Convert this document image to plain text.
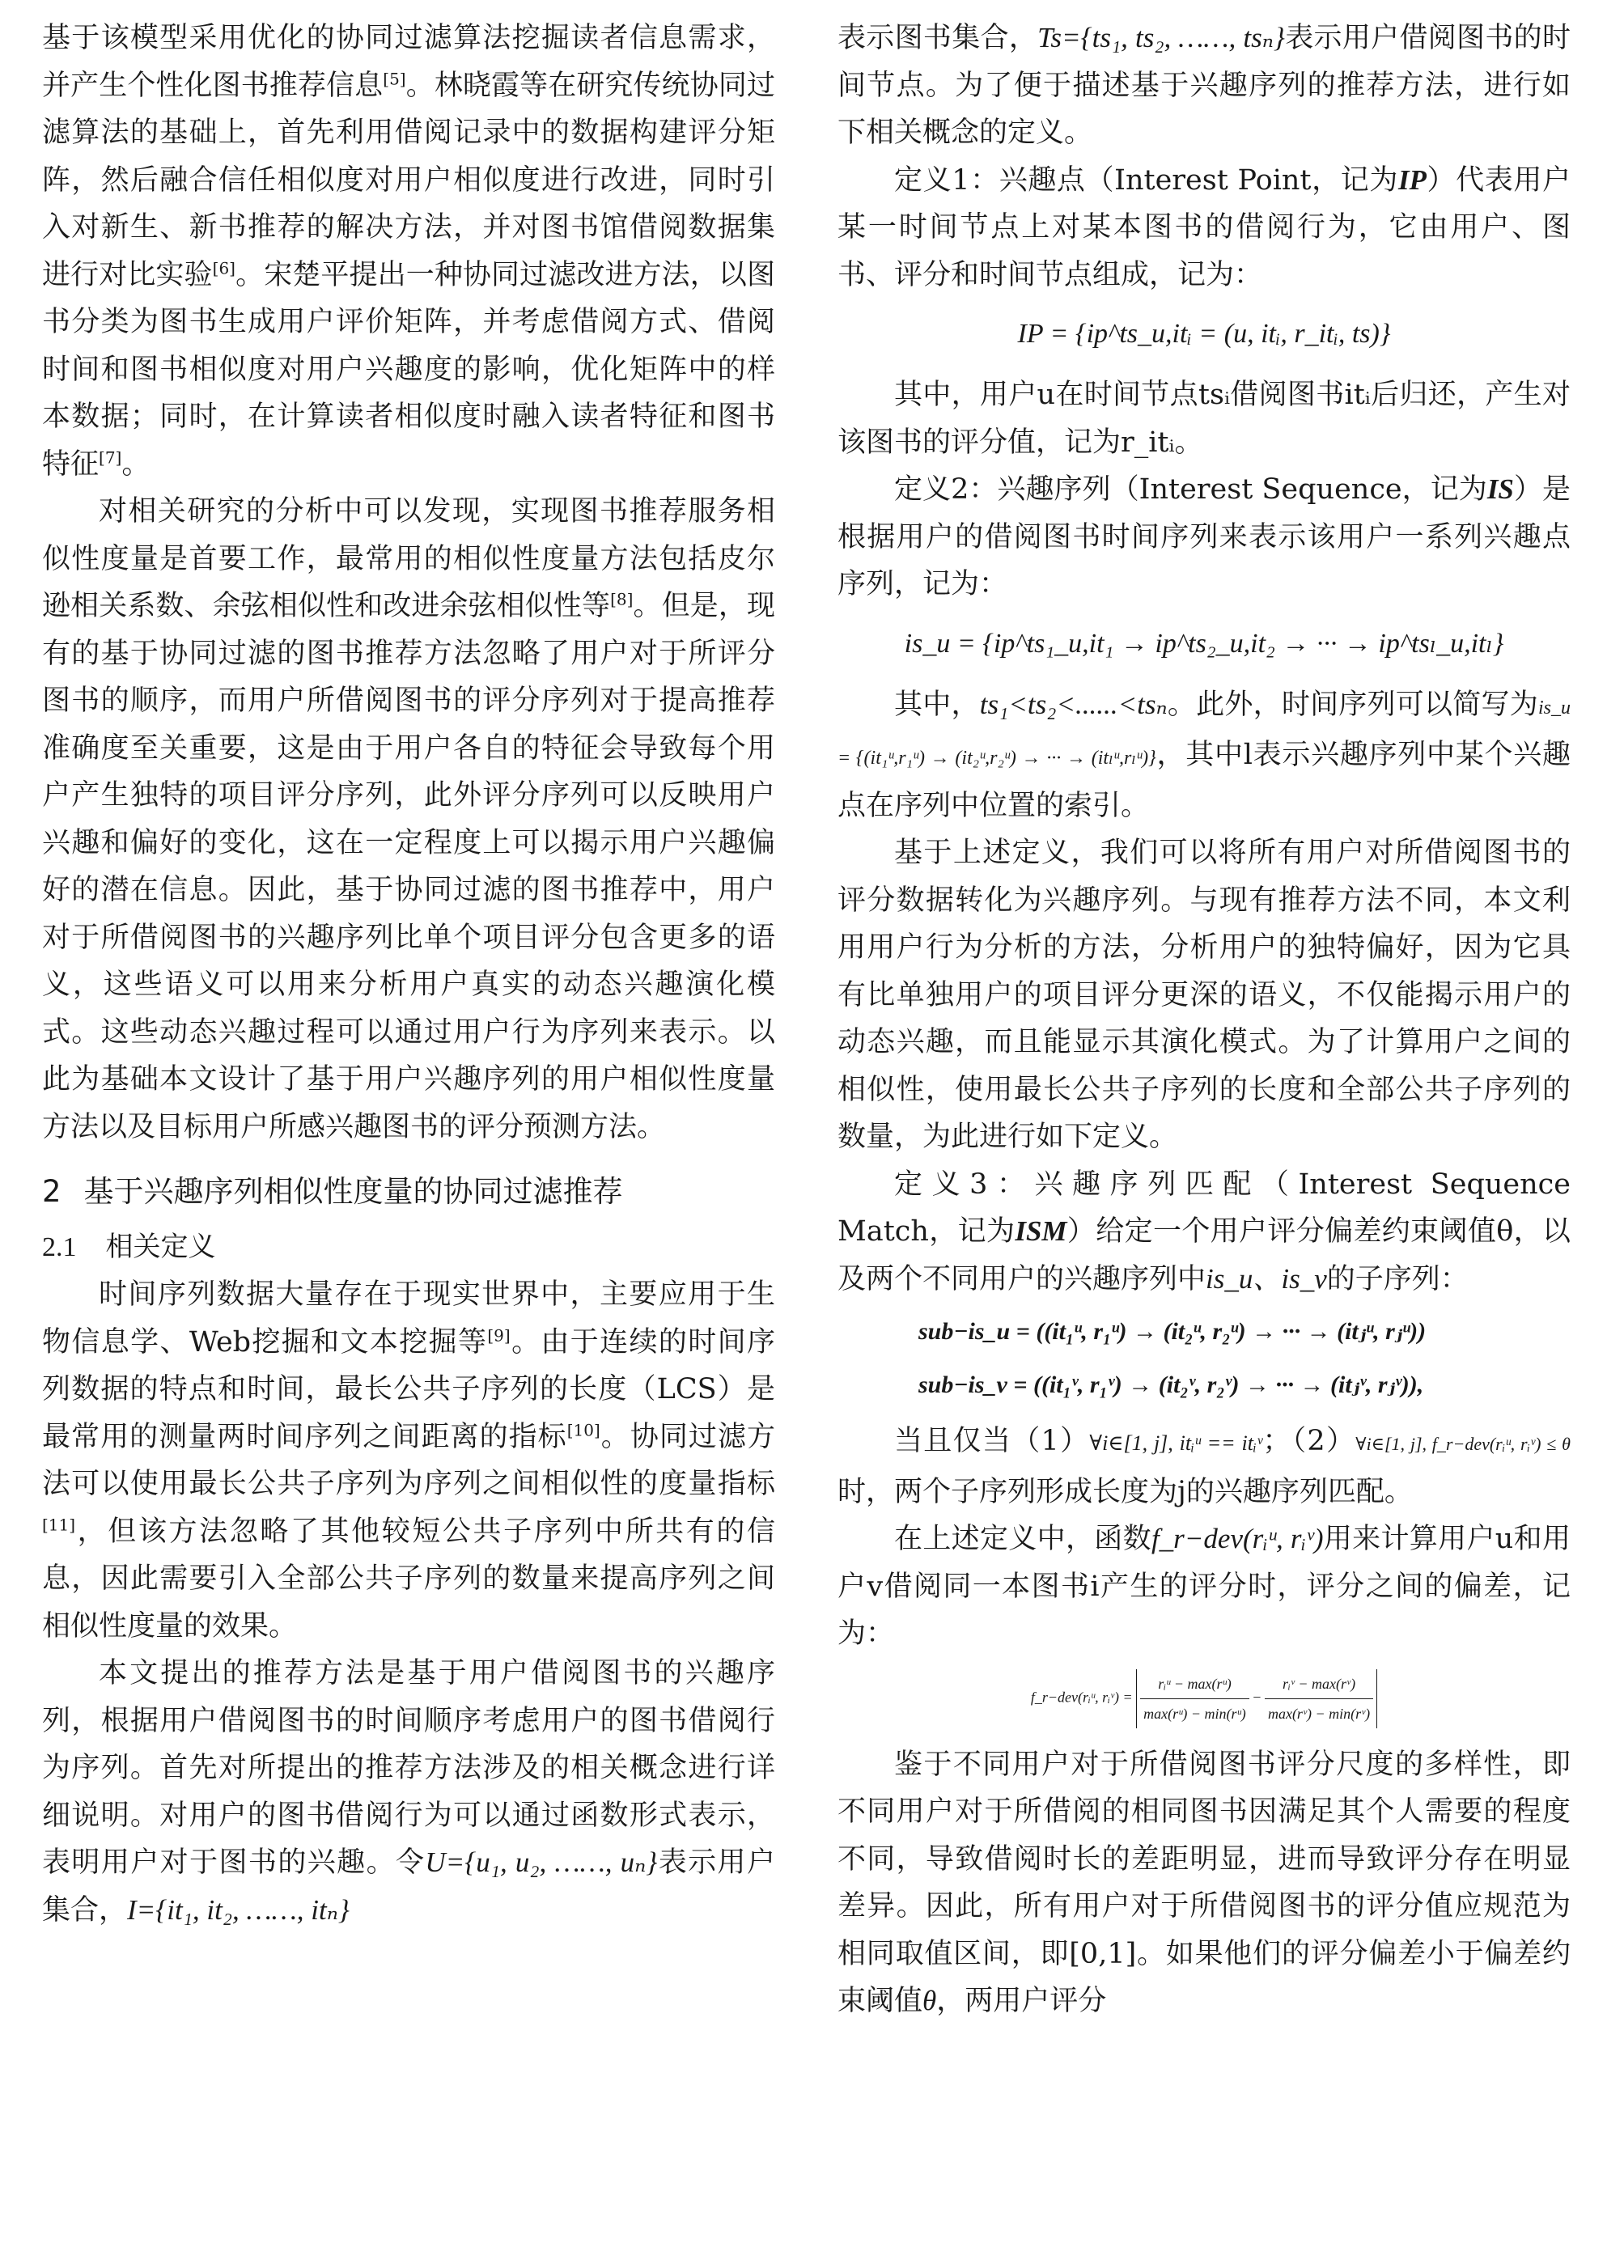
基于该模型采用优化的协同过滤算法挖掘读者信息需求，并产生个性化图书推荐信息[5]。林晓霞等在研究传统协同过滤算法的基础上，首先利用借阅记录中的数据构建评分矩阵，然后融合信任相似度对用户相似度进行改进，同时引入对新生、新书推荐的解决方法，并对图书馆借阅数据集进行对比实验[6]。宋楚平提出一种协同过滤改进方法，以图书分类为图书生成用户评价矩阵，并考虑借阅方式、借阅时间和图书相似度对用户兴趣度的影响，优化矩阵中的样本数据；同时，在计算读者相似度时融入读者特征和图书特征[7]。

对相关研究的分析中可以发现，实现图书推荐服务相似性度量是首要工作，最常用的相似性度量方法包括皮尔逊相关系数、余弦相似性和改进余弦相似性等[8]。但是，现有的基于协同过滤的图书推荐方法忽略了用户对于所评分图书的顺序，而用户所借阅图书的评分序列对于提高推荐准确度至关重要，这是由于用户各自的特征会导致每个用户产生独特的项目评分序列，此外评分序列可以反映用户兴趣和偏好的变化，这在一定程度上可以揭示用户兴趣偏好的潜在信息。因此，基于协同过滤的图书推荐中，用户对于所借阅图书的兴趣序列比单个项目评分包含更多的语义，这些语义可以用来分析用户真实的动态兴趣演化模式。这些动态兴趣过程可以通过用户行为序列来表示。以此为基础本文设计了基于用户兴趣序列的用户相似性度量方法以及目标用户所感兴趣图书的评分预测方法。

2 基于兴趣序列相似性度量的协同过滤推荐
2.1 相关定义

时间序列数据大量存在于现实世界中，主要应用于生物信息学、Web挖掘和文本挖掘等[9]。由于连续的时间序列数据的特点和时间，最长公共子序列的长度（LCS）是最常用的测量两时间序列之间距离的指标[10]。协同过滤方法可以使用最长公共子序列为序列之间相似性的度量指标[11]，但该方法忽略了其他较短公共子序列中所共有的信息，因此需要引入全部公共子序列的数量来提高序列之间相似性度量的效果。

本文提出的推荐方法是基于用户借阅图书的兴趣序列，根据用户借阅图书的时间顺序考虑用户的图书借阅行为序列。首先对所提出的推荐方法涉及的相关概念进行详细说明。对用户的图书借阅行为可以通过函数形式表示，表明用户对于图书的兴趣。令U={u₁, u₂, ……, uₙ}表示用户集合，I={it₁, it₂, ……, itₙ}

表示图书集合，Ts={ts₁, ts₂, ……, tsₙ}表示用户借阅图书的时间节点。为了便于描述基于兴趣序列的推荐方法，进行如下相关概念的定义。

定义1：兴趣点（Interest Point，记为IP）代表用户某一时间节点上对某本图书的借阅行为，它由用户、图书、评分和时间节点组成，记为：

IP = {ip^ts_u,itᵢ = (u, itᵢ, r_itᵢ, ts)}

其中，用户u在时间节点tsᵢ借阅图书itᵢ后归还，产生对该图书的评分值，记为r_itᵢ。

定义2：兴趣序列（Interest Sequence，记为IS）是根据用户的借阅图书时间序列来表示该用户一系列兴趣点序列，记为：

is_u = {ip^ts₁_u,it₁ → ip^ts₂_u,it₂ → ··· → ip^tsₗ_u,itₗ}

其中，ts₁<ts₂<......<tsₙ。此外，时间序列可以简写为is_u = {(it₁ᵘ,r₁ᵘ) → (it₂ᵘ,r₂ᵘ) → ··· → (itₗᵘ,rₗᵘ)}，其中l表示兴趣序列中某个兴趣点在序列中位置的索引。

基于上述定义，我们可以将所有用户对所借阅图书的评分数据转化为兴趣序列。与现有推荐方法不同，本文利用用户行为分析的方法，分析用户的独特偏好，因为它具有比单独用户的项目评分更深的语义，不仅能揭示用户的动态兴趣，而且能显示其演化模式。为了计算用户之间的相似性，使用最长公共子序列的长度和全部公共子序列的数量，为此进行如下定义。

定义3：兴趣序列匹配（Interest Sequence Match，记为ISM）给定一个用户评分偏差约束阈值θ，以及两个不同用户的兴趣序列中is_u、is_v的子序列：

sub−is_u = ((it₁ᵘ, r₁ᵘ) → (it₂ᵘ, r₂ᵘ) → ··· → (itⱼᵘ, rⱼᵘ))
sub−is_v = ((it₁ᵛ, r₁ᵛ) → (it₂ᵛ, r₂ᵛ) → ··· → (itⱼᵛ, rⱼᵛ)),

当且仅当（1）∀i∈[1, j], itᵢᵘ == itᵢᵛ；（2）∀i∈[1, j], f_r−dev(rᵢᵘ, rᵢᵛ) ≤ θ时，两个子序列形成长度为j的兴趣序列匹配。

在上述定义中，函数f_r−dev(rᵢᵘ, rᵢᵛ)用来计算用户u和用户v借阅同一本图书i产生的评分时，评分之间的偏差，记为：

f_r−dev(rᵢᵘ, rᵢᵛ) = $\frac{\text{rᵢᵘ − max(rᵘ)}}{\text{max(rᵘ) − min(rᵘ)}} - \frac{\text{rᵢᵛ − max(rᵛ)}}{\text{max(rᵛ) − min(rᵛ)}}$

鉴于不同用户对于所借阅图书评分尺度的多样性，即不同用户对于所借阅的相同图书因满足其个人需要的程度不同，导致借阅时长的差距明显，进而导致评分存在明显差异。因此，所有用户对于所借阅图书的评分值应规范为相同取值区间，即[0,1]。如果他们的评分偏差小于偏差约束阈值θ，两用户评分
